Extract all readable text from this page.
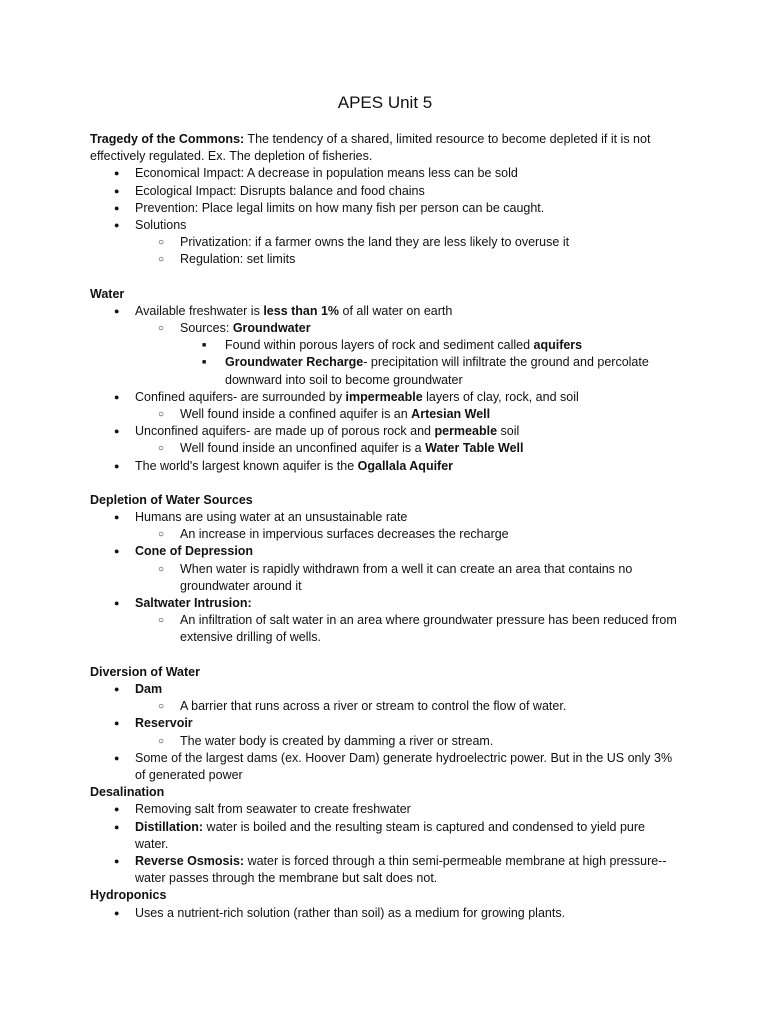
APES Unit 5

Tragedy of the Commons: The tendency of a shared, limited resource to become depleted if it is not effectively regulated. Ex. The depletion of fisheries.

● Economical Impact: A decrease in population means less can be sold
● Ecological Impact: Disrupts balance and food chains
● Prevention: Place legal limits on how many fish per person can be caught.
● Solutions
○ Privatization: if a farmer owns the land they are less likely to overuse it
○ Regulation: set limits

Water

● Available freshwater is less than 1% of all water on earth
○ Sources: Groundwater
■ Found within porous layers of rock and sediment called aquifers
■ Groundwater Recharge- precipitation will infiltrate the ground and percolate downward into soil to become groundwater
● Confined aquifers- are surrounded by impermeable layers of clay, rock, and soil
○ Well found inside a confined aquifer is an Artesian Well
● Unconfined aquifers- are made up of porous rock and permeable soil
○ Well found inside an unconfined aquifer is a Water Table Well
● The world's largest known aquifer is the Ogallala Aquifer

Depletion of Water Sources

● Humans are using water at an unsustainable rate
○ An increase in impervious surfaces decreases the recharge
● Cone of Depression
○ When water is rapidly withdrawn from a well it can create an area that contains no groundwater around it
● Saltwater Intrusion:
○ An infiltration of salt water in an area where groundwater pressure has been reduced from extensive drilling of wells.

Diversion of Water

● Dam
○ A barrier that runs across a river or stream to control the flow of water.
● Reservoir
○ The water body is created by damming a river or stream.
● Some of the largest dams (ex. Hoover Dam) generate hydroelectric power. But in the US only 3% of generated power

Desalination

● Removing salt from seawater to create freshwater
● Distillation: water is boiled and the resulting steam is captured and condensed to yield pure water.
● Reverse Osmosis: water is forced through a thin semi-permeable membrane at high pressure--water passes through the membrane but salt does not.

Hydroponics

● Uses a nutrient-rich solution (rather than soil) as a medium for growing plants.
